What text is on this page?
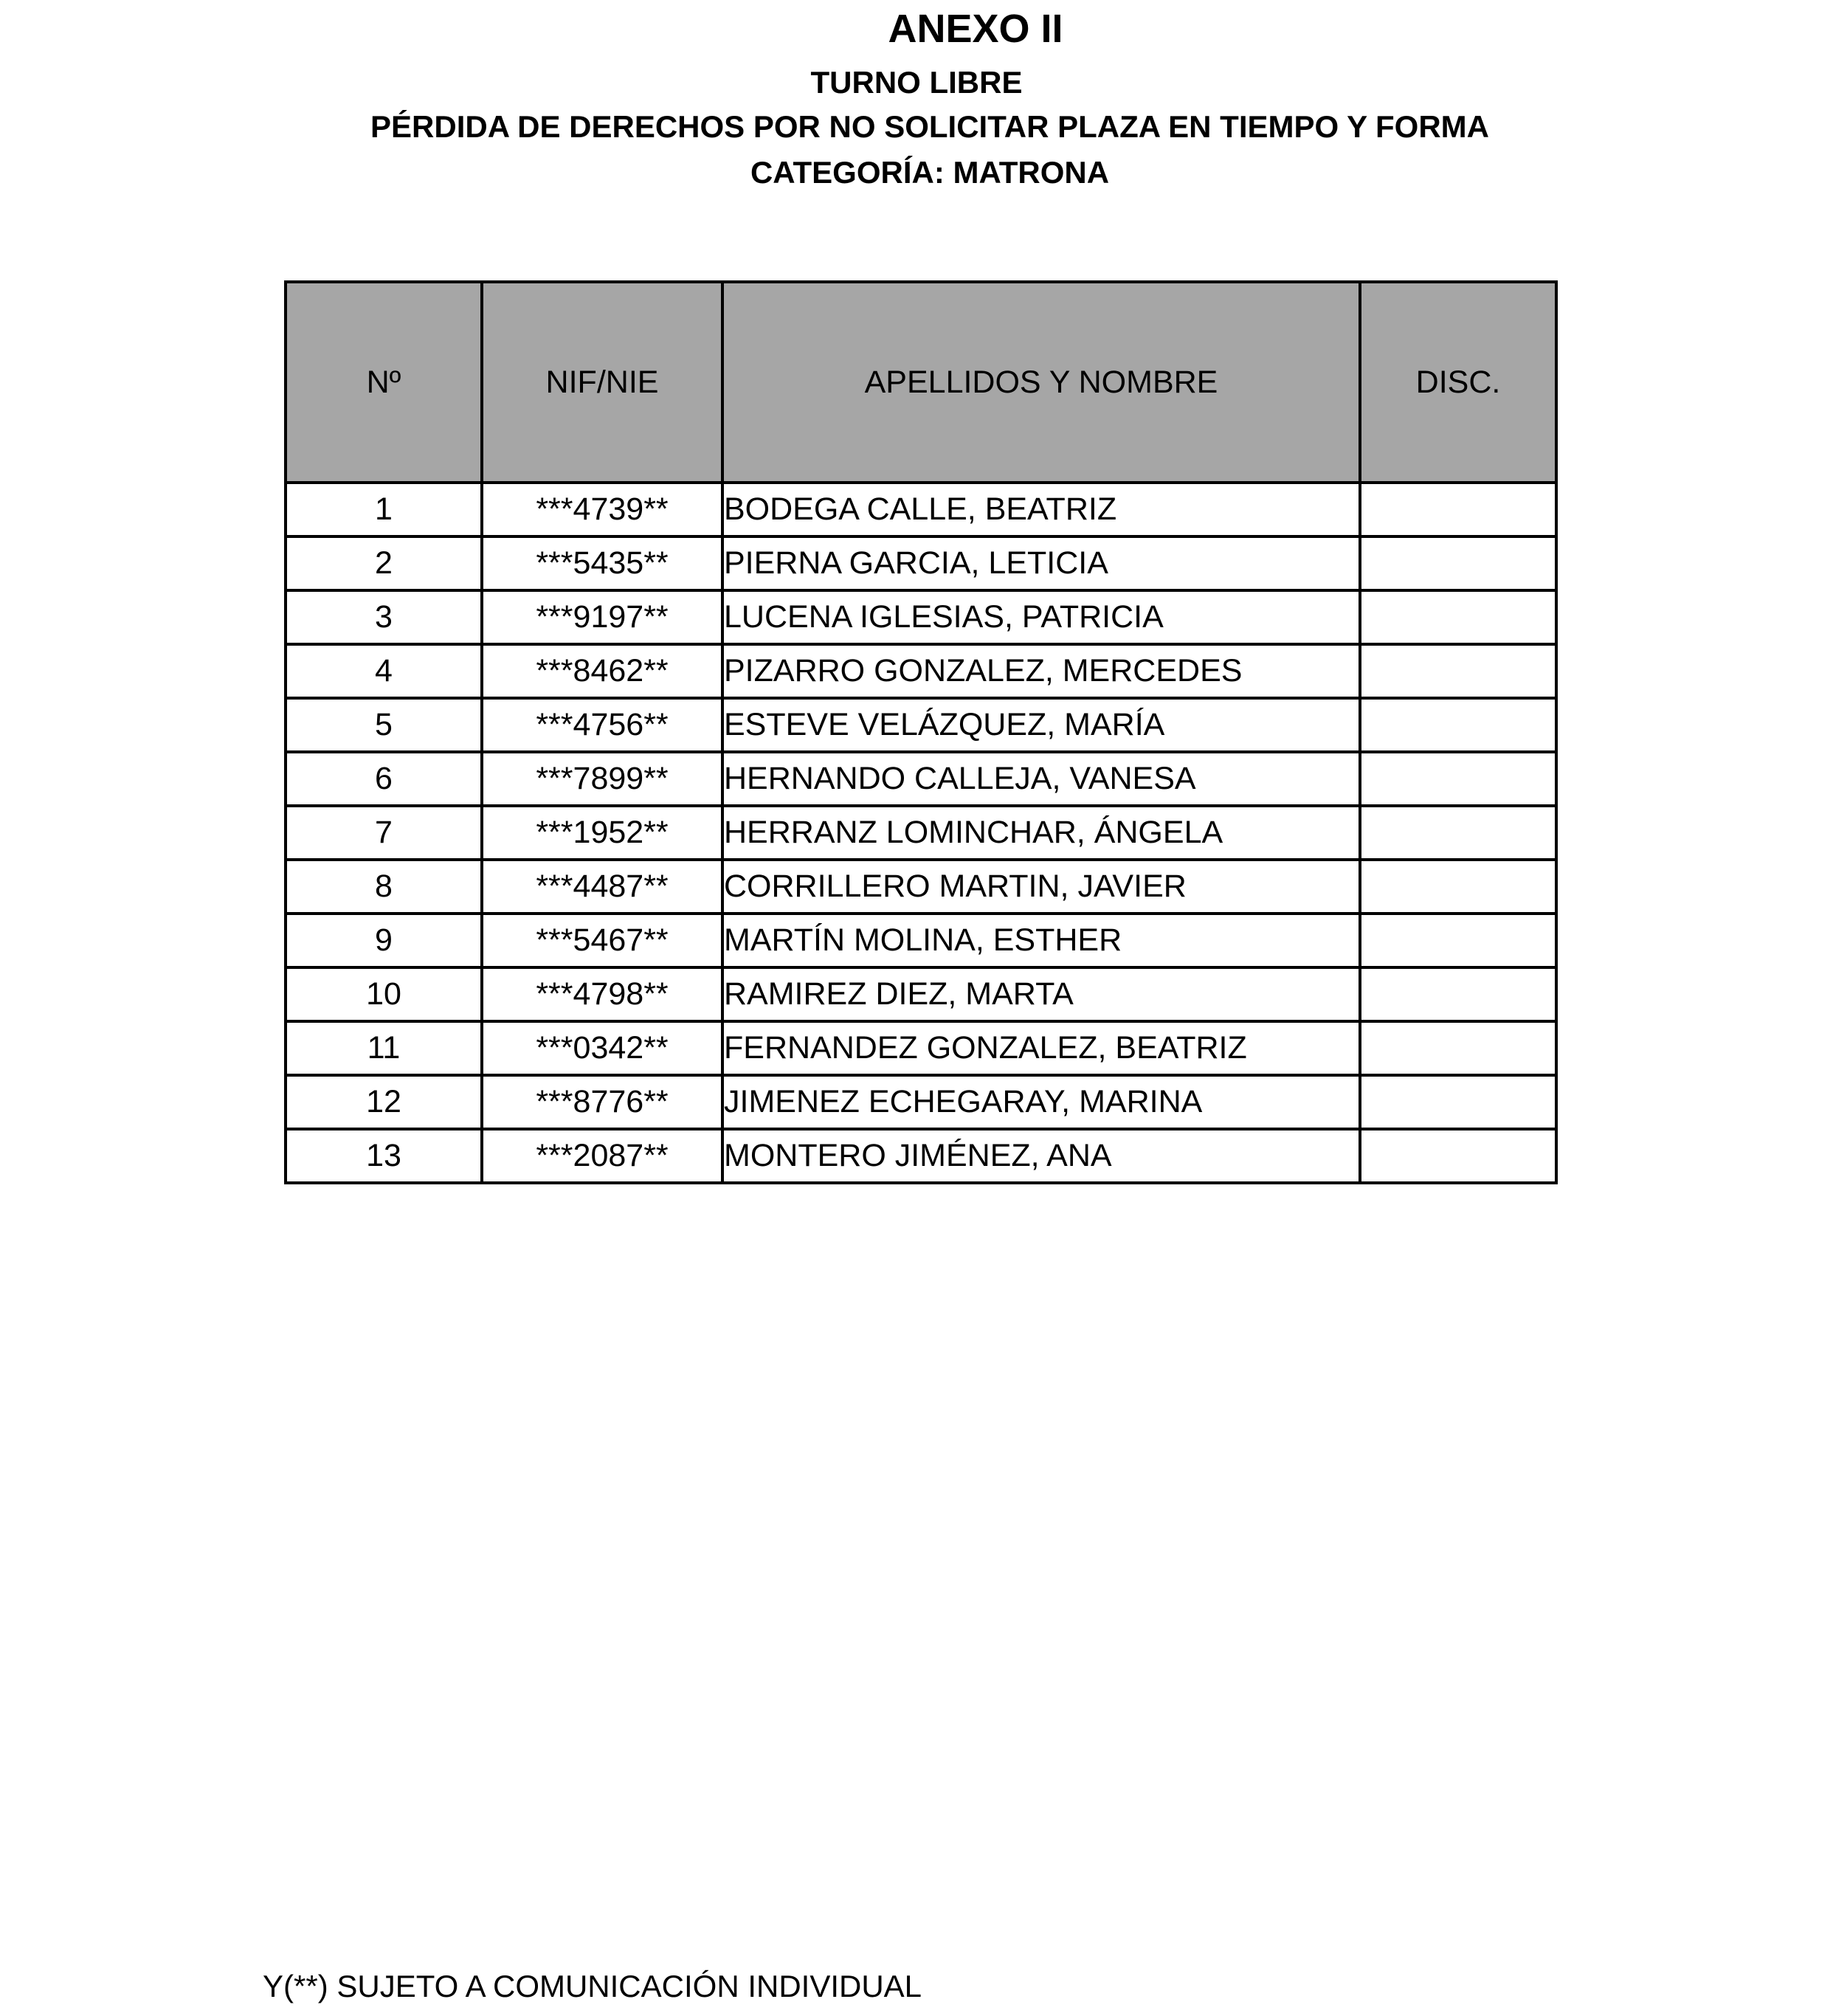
ANEXO II
TURNO LIBRE
PÉRDIDA DE DERECHOS POR NO SOLICITAR PLAZA EN TIEMPO Y FORMA
CATEGORÍA: MATRONA
Nº	NIF/NIE	APELLIDOS Y NOMBRE	DISC.
1	***4739**	BODEGA CALLE, BEATRIZ	
2	***5435**	PIERNA GARCIA, LETICIA	
3	***9197**	LUCENA IGLESIAS, PATRICIA	
4	***8462**	PIZARRO GONZALEZ, MERCEDES	
5	***4756**	ESTEVE VELÁZQUEZ, MARÍA	
6	***7899**	HERNANDO CALLEJA, VANESA	
7	***1952**	HERRANZ LOMINCHAR, ÁNGELA	
8	***4487**	CORRILLERO MARTIN, JAVIER	
9	***5467**	MARTÍN MOLINA, ESTHER	
10	***4798**	RAMIREZ DIEZ, MARTA	
11	***0342**	FERNANDEZ GONZALEZ, BEATRIZ	
12	***8776**	JIMENEZ ECHEGARAY, MARINA	
13	***2087**	MONTERO JIMÉNEZ, ANA	
Y(**) SUJETO A COMUNICACIÓN INDIVIDUAL
